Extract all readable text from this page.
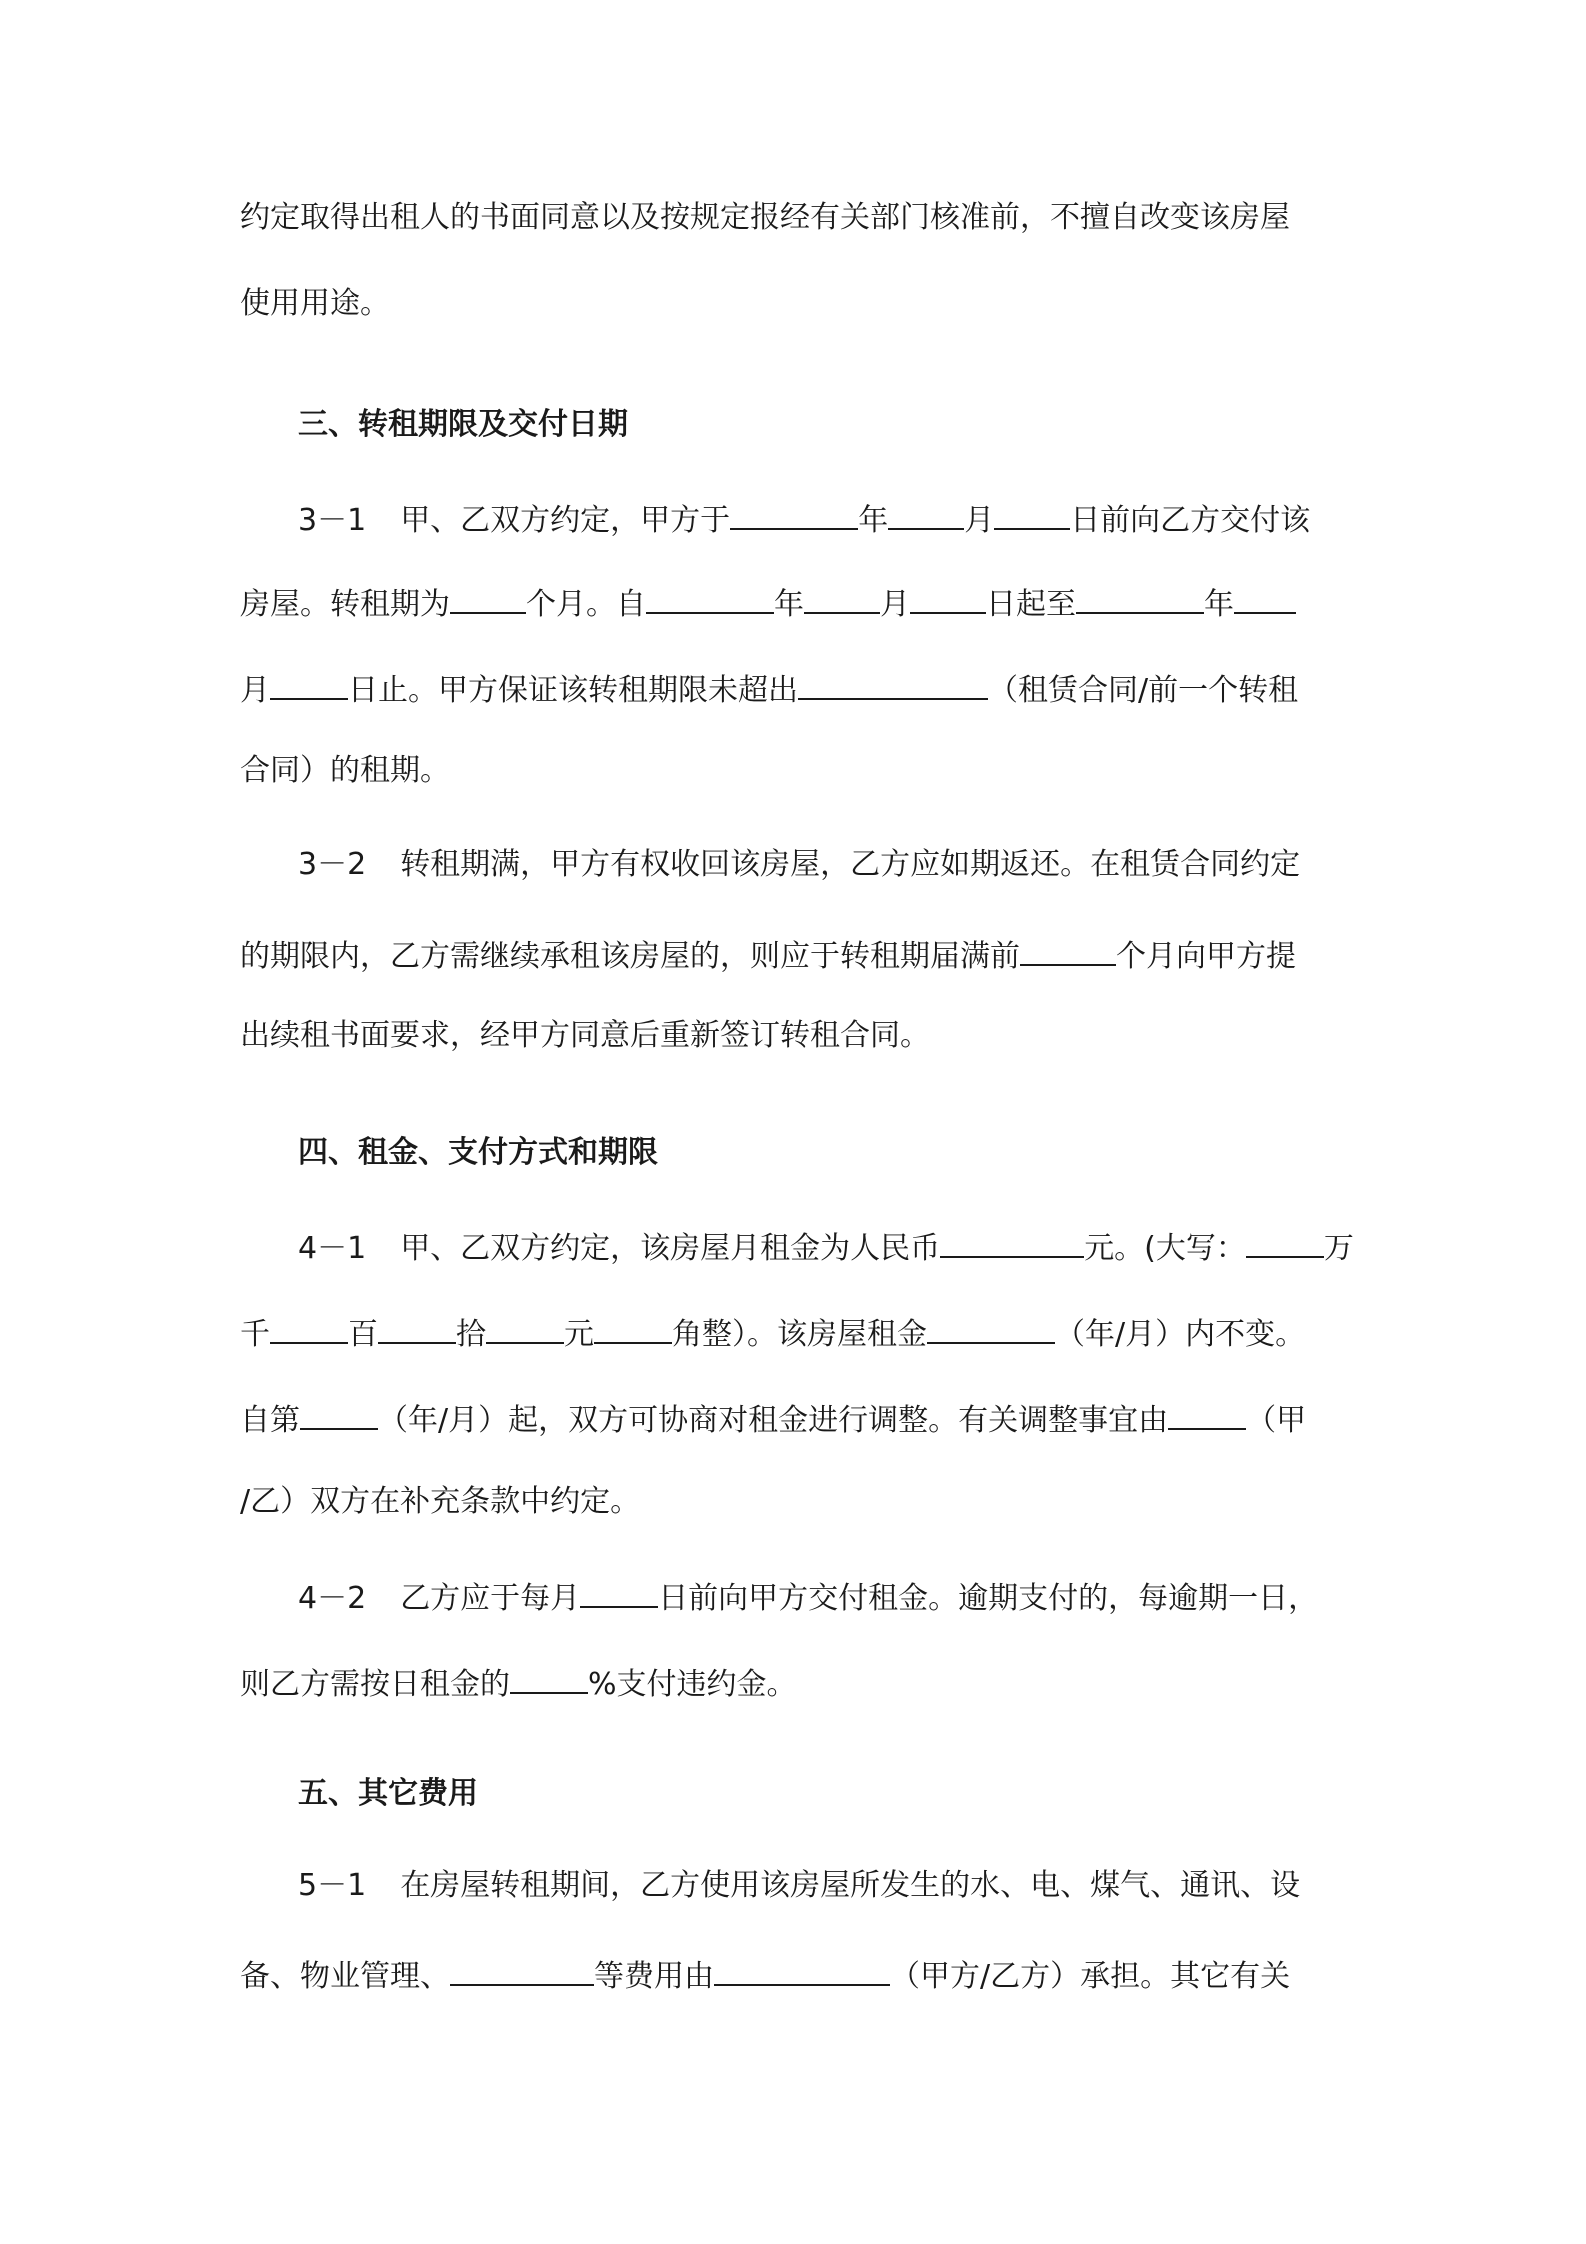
约定取得出租人的书面同意以及按规定报经有关部门核准前，不擅自改变该房屋
使用用途。
三、转租期限及交付日期
3－1 甲、乙双方约定，甲方于	年	月	日前向乙方交付该
房屋。转租期为	个月。自	年	月	日起至	年
月	日止。甲方保证该转租期限未超出	（租赁合同/前一个转租
合同）的租期。
3－2 转租期满，甲方有权收回该房屋，乙方应如期返还。在租赁合同约定
的期限内，乙方需继续承租该房屋的，则应于转租期届满前	个月向甲方提
出续租书面要求，经甲方同意后重新签订转租合同。
四、租金、支付方式和期限
4－1 甲、乙双方约定，该房屋月租金为人民币	元。(大写：	万
千	百	拾	元	角整）。该房屋租金	（年/月）内不变。
自第	（年/月）起，双方可协商对租金进行调整。有关调整事宜由	（甲
/乙）双方在补充条款中约定。
4－2 乙方应于每月	日前向甲方交付租金。逾期支付的，每逾期一日，
则乙方需按日租金的	%支付违约金。
五、其它费用
5－1 在房屋转租期间，乙方使用该房屋所发生的水、电、煤气、通讯、设
备、物业管理、	等费用由	（甲方/乙方）承担。其它有关
